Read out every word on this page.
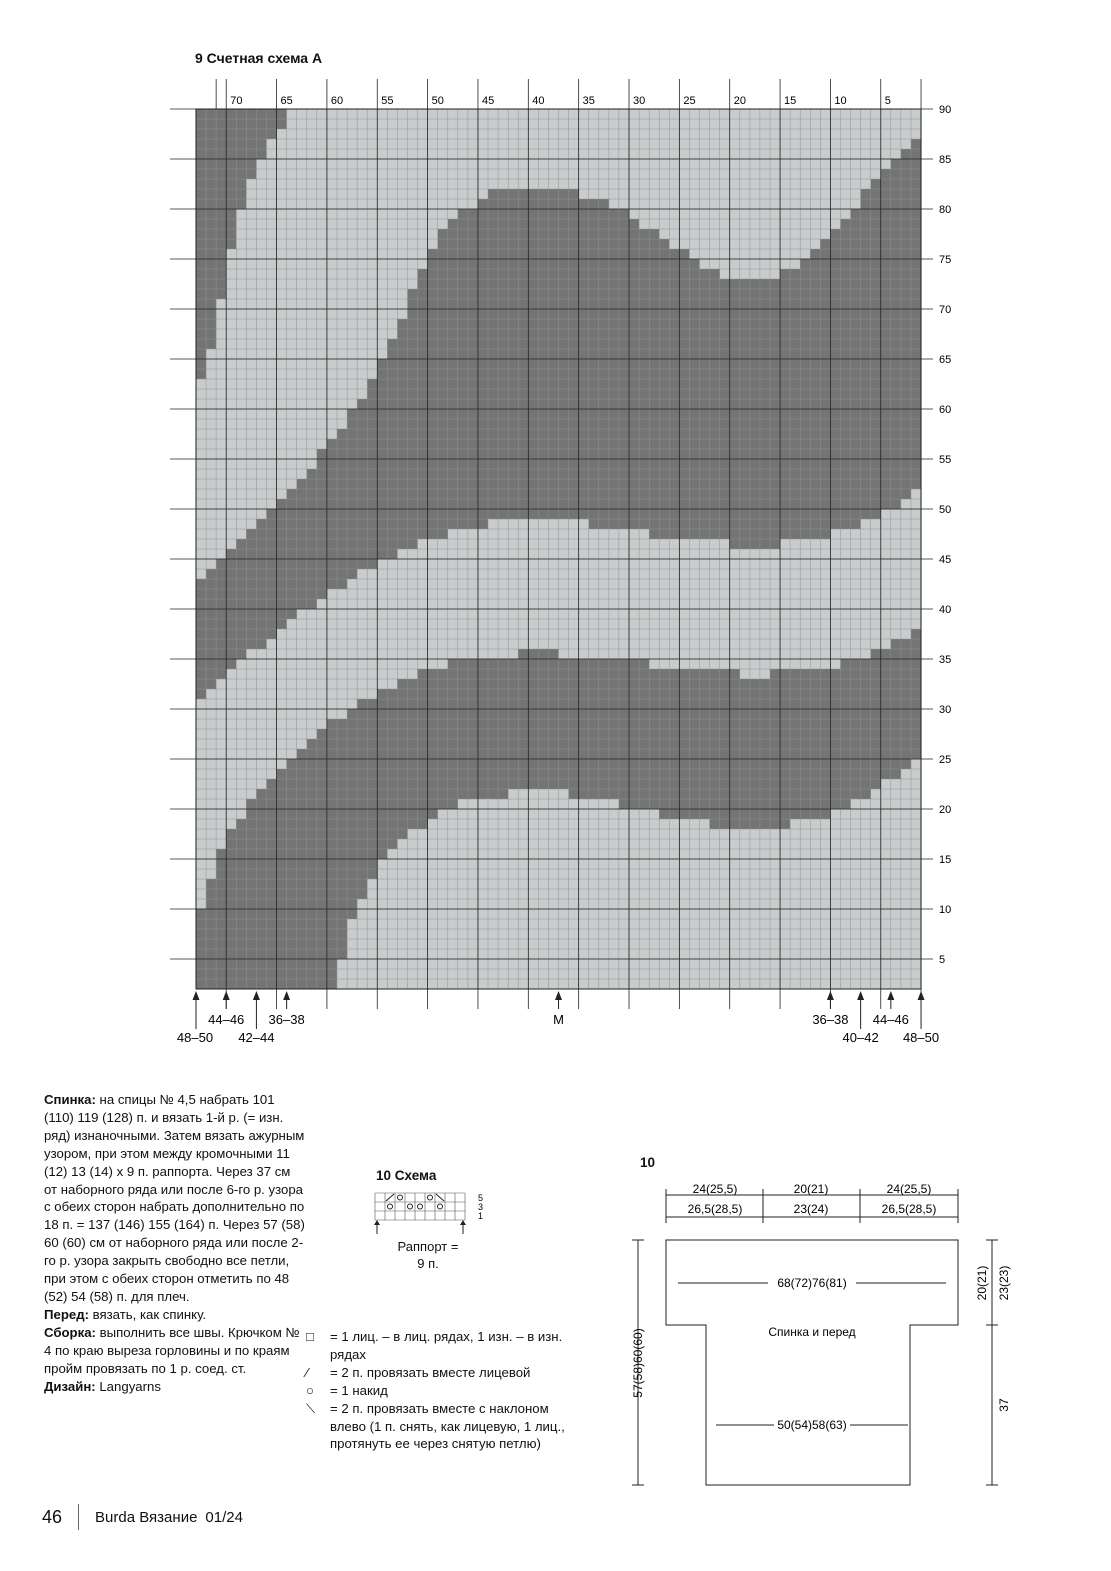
9 Счетная схема А
70	65	60	55	50	45	40	35	30	25	20	15	10	5
90
85
80
75
70
65
60
55
50
45
40
35
30
25
20
15
10
5
48–50
44–46
42–44
36–38	M	36–38
40–42
44–46
48–50

Спинка: на спицы № 4,5 набрать 101 (110) 119 (128) п. и вязать 1-й р. (= изн. ряд) изнаночными. Затем вязать ажурным узором, при этом между кромочными 11 (12) 13 (14) х 9 п. раппорта. Через 37 см от наборного ряда или после 6-го р. узора с обеих сторон набрать дополнительно по 18 п. = 137 (146) 155 (164) п. Через 57 (58) 60 (60) см от наборного ряда или после 2-го р. узора закрыть свободно все петли, при этом с обеих сторон отметить по 48 (52) 54 (58) п. для плеч.

Перед: вязать, как спинку.

Сборка: выполнить все швы. Крючком № 4 по краю выреза горловины и по краям пройм провязать по 1 р. соед. ст.

Дизайн: Langyarns

10 Схема
5
3
1
Раппорт =
9 п.
□	= 1 лиц. – в лиц. рядах, 1 изн. – в изн. рядах
⁄	= 2 п. провязать вместе лицевой
○	= 1 накид
⟍	= 2 п. провязать вместе с наклоном влево (1 п. снять, как лицевую, 1 лиц., протянуть ее через снятую петлю)
10
24(25,5)
26,5(28,5)
20(21)
23(24)
24(25,5)
26,5(28,5)
68(72)76(81)
Спинка и перед
50(54)58(63)
57(58)60(60)
20(21) 23(23)
37
46 Burda Вязание 01/24
